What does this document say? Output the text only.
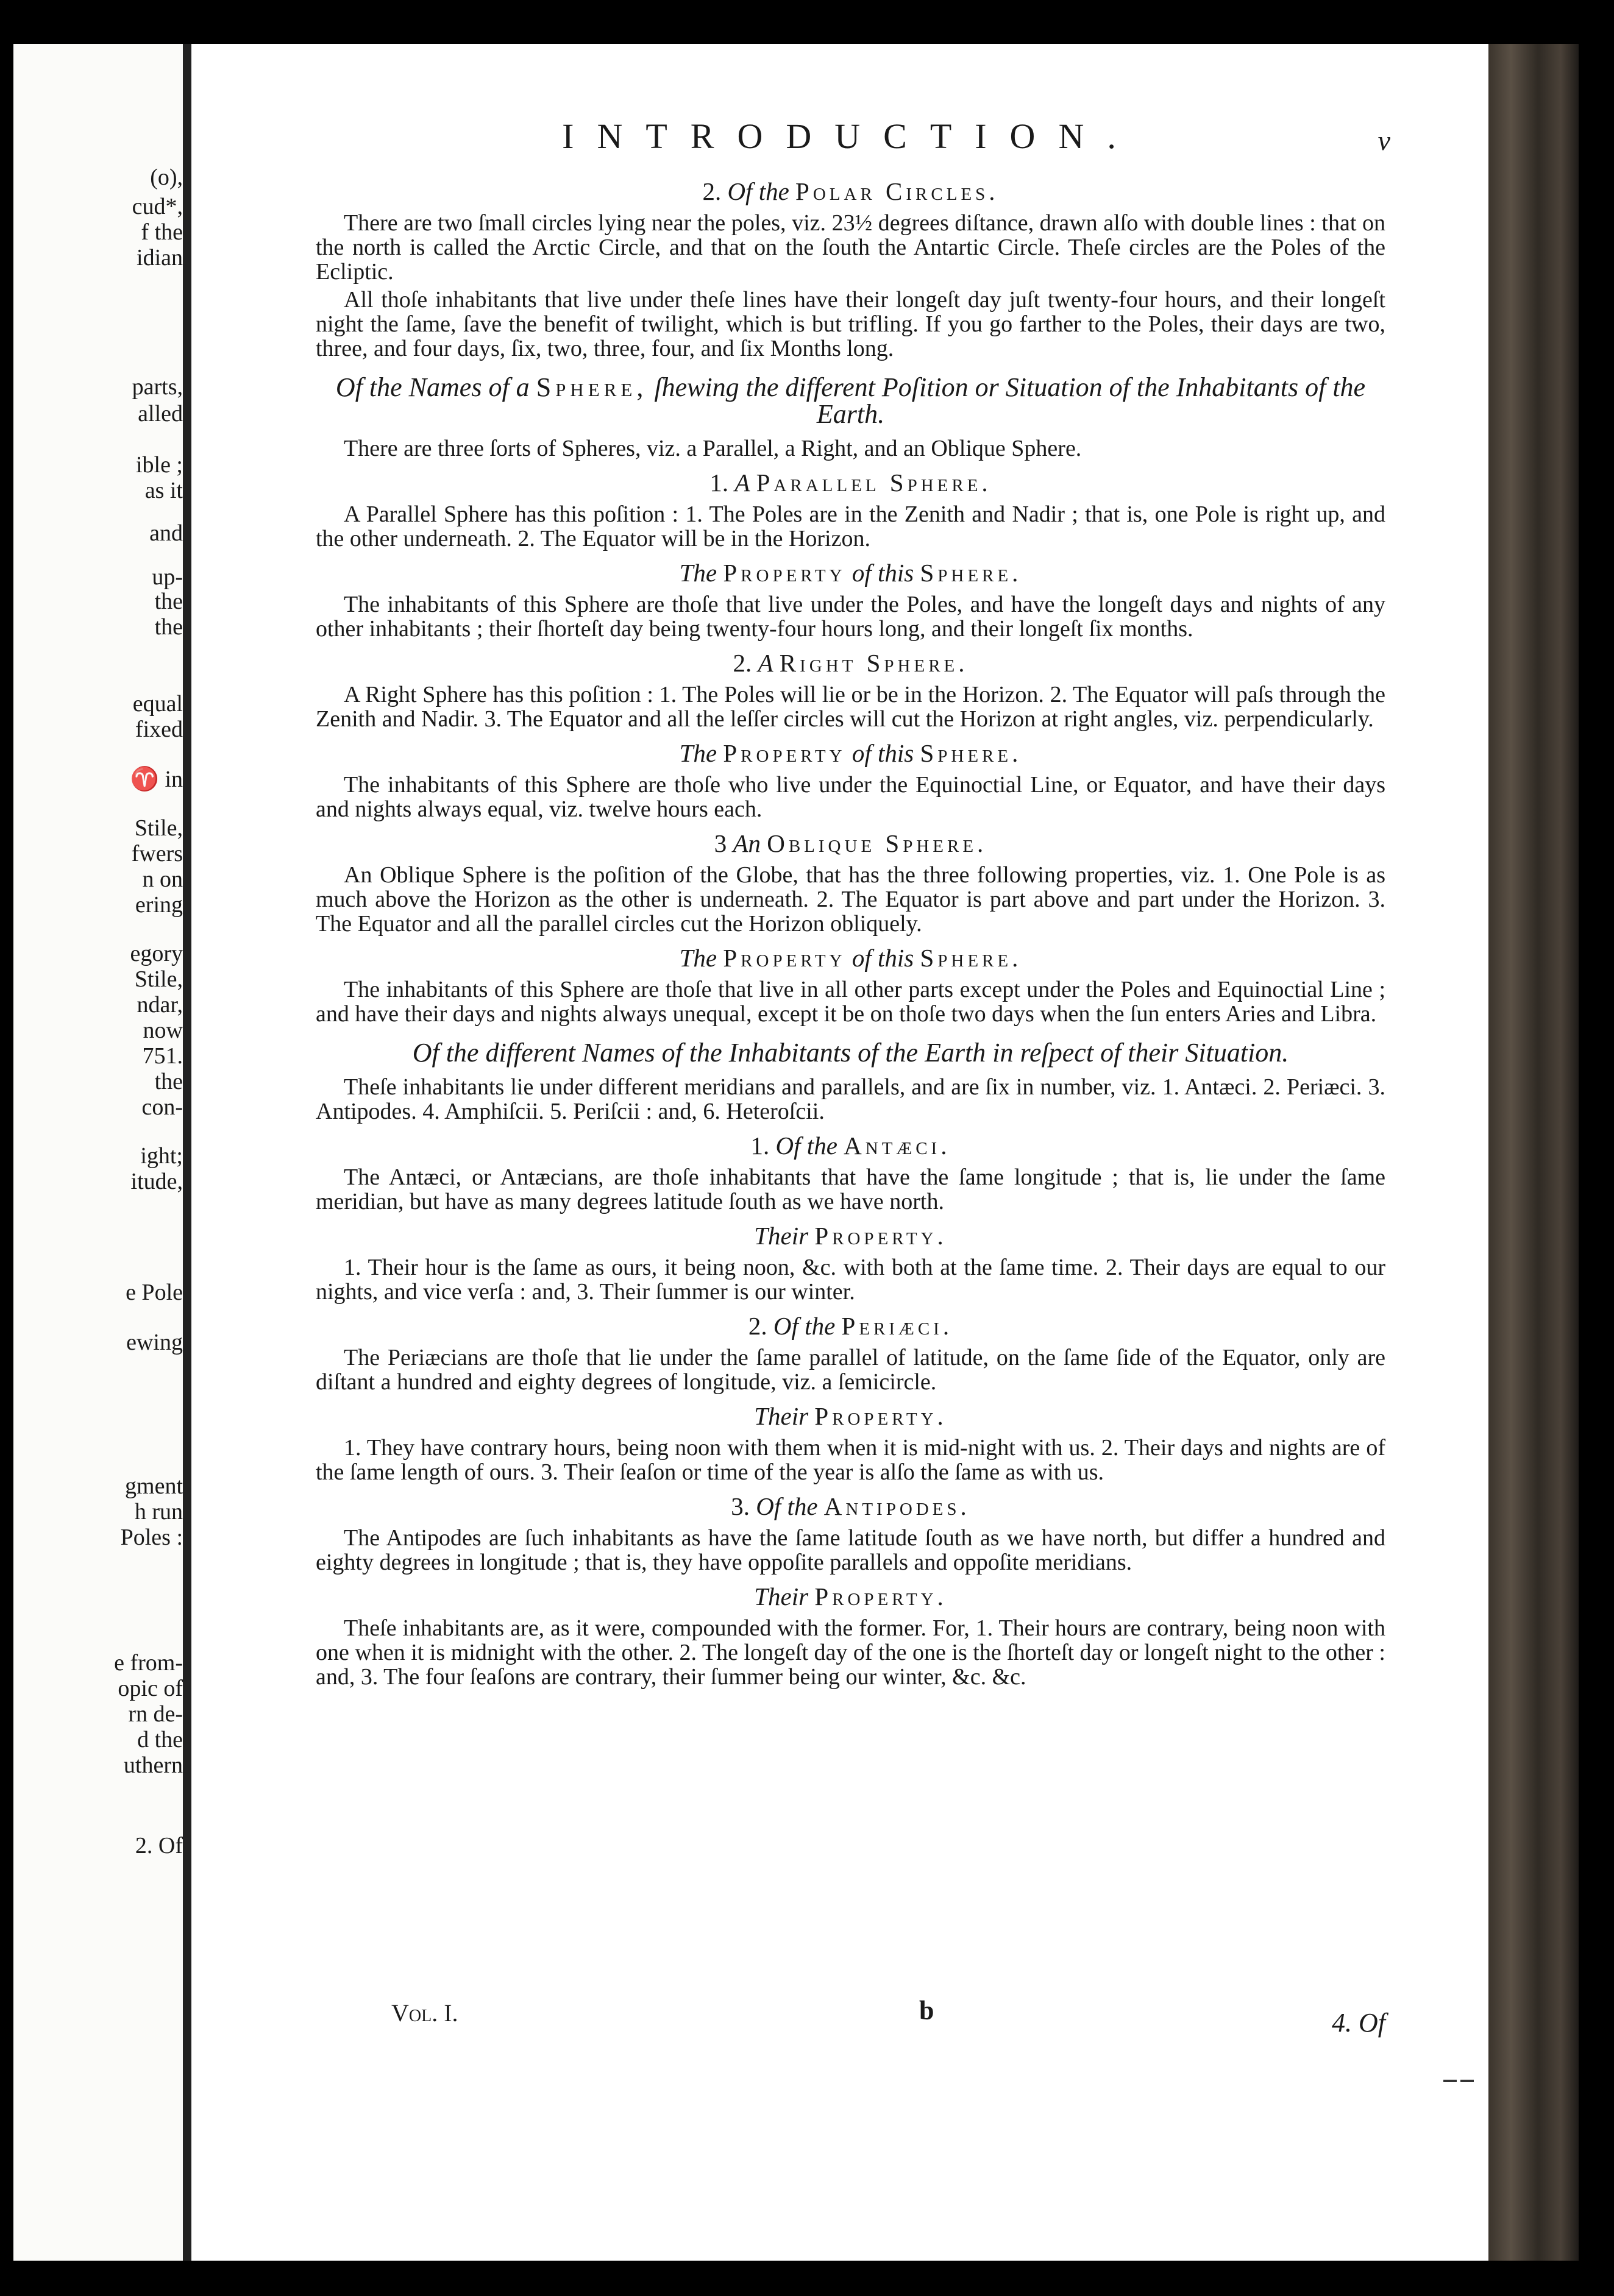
(o),
cud*,
f the
idian
parts,
alled
ible ;
as it
and
up-
the
the
equal
fixed
♈ in
Stile,
fwers
n on
ering
egory
Stile,
ndar,
now
751.
the
con-
ight;
itude,
e Pole
ewing
gment
h run
Poles :
e from-
opic of
rn de-
d the
uthern
2. Of
INTRODUCTION.	v

2. Of the Polar Circles.

There are two ſmall circles lying near the poles, viz. 23½ degrees diſtance, drawn alſo with double lines : that on the north is called the Arctic Circle, and that on the ſouth the Antartic Circle. Theſe circles are the Poles of the Ecliptic.

All thoſe inhabitants that live under theſe lines have their longeſt day juſt twenty-four hours, and their longeſt night the ſame, ſave the benefit of twilight, which is but trifling. If you go farther to the Poles, their days are two, three, and four days, ſix, two, three, four, and ſix Months long.

Of the Names of a Sphere, ſhewing the different Poſition or Situation of the Inhabitants of the Earth.

There are three ſorts of Spheres, viz. a Parallel, a Right, and an Oblique Sphere.

1. A Parallel Sphere.

A Parallel Sphere has this poſition : 1. The Poles are in the Zenith and Nadir ; that is, one Pole is right up, and the other underneath. 2. The Equator will be in the Horizon.

The Property of this Sphere.

The inhabitants of this Sphere are thoſe that live under the Poles, and have the longeſt days and nights of any other inhabitants ; their ſhorteſt day being twenty-four hours long, and their longeſt ſix months.

2. A Right Sphere.

A Right Sphere has this poſition : 1. The Poles will lie or be in the Horizon. 2. The Equator will paſs through the Zenith and Nadir. 3. The Equator and all the leſſer circles will cut the Horizon at right angles, viz. perpendicularly.

The Property of this Sphere.

The inhabitants of this Sphere are thoſe who live under the Equinoctial Line, or Equator, and have their days and nights always equal, viz. twelve hours each.

3 An Oblique Sphere.

An Oblique Sphere is the poſition of the Globe, that has the three following properties, viz. 1. One Pole is as much above the Horizon as the other is underneath. 2. The Equator is part above and part under the Horizon. 3. The Equator and all the parallel circles cut the Horizon obliquely.

The Property of this Sphere.

The inhabitants of this Sphere are thoſe that live in all other parts except under the Poles and Equinoctial Line ; and have their days and nights always unequal, except it be on thoſe two days when the ſun enters Aries and Libra.

Of the different Names of the Inhabitants of the Earth in reſpect of their Situation.

Theſe inhabitants lie under different meridians and parallels, and are ſix in number, viz. 1. Antæci. 2. Periæci. 3. Antipodes. 4. Amphiſcii. 5. Periſcii : and, 6. Heteroſcii.

1. Of the Antæci.

The Antæci, or Antæcians, are thoſe inhabitants that have the ſame longitude ; that is, lie under the ſame meridian, but have as many degrees latitude ſouth as we have north.

Their Property.

1. Their hour is the ſame as ours, it being noon, &c. with both at the ſame time. 2. Their days are equal to our nights, and vice verſa : and, 3. Their ſummer is our winter.

2. Of the Periæci.

The Periæcians are thoſe that lie under the ſame parallel of latitude, on the ſame ſide of the Equator, only are diſtant a hundred and eighty degrees of longitude, viz. a ſemicircle.

Their Property.

1. They have contrary hours, being noon with them when it is mid-night with us. 2. Their days and nights are of the ſame length of ours. 3. Their ſeaſon or time of the year is alſo the ſame as with us.

3. Of the Antipodes.

The Antipodes are ſuch inhabitants as have the ſame latitude ſouth as we have north, but differ a hundred and eighty degrees in longitude ; that is, they have oppoſite parallels and oppoſite meridians.

Their Property.

Theſe inhabitants are, as it were, compounded with the former. For, 1. Their hours are contrary, being noon with one when it is midnight with the other. 2. The longeſt day of the one is the ſhorteſt day or longeſt night to the other : and, 3. The four ſeaſons are contrary, their ſummer being our winter, &c. &c.

Vol. I.	b	4. Of
